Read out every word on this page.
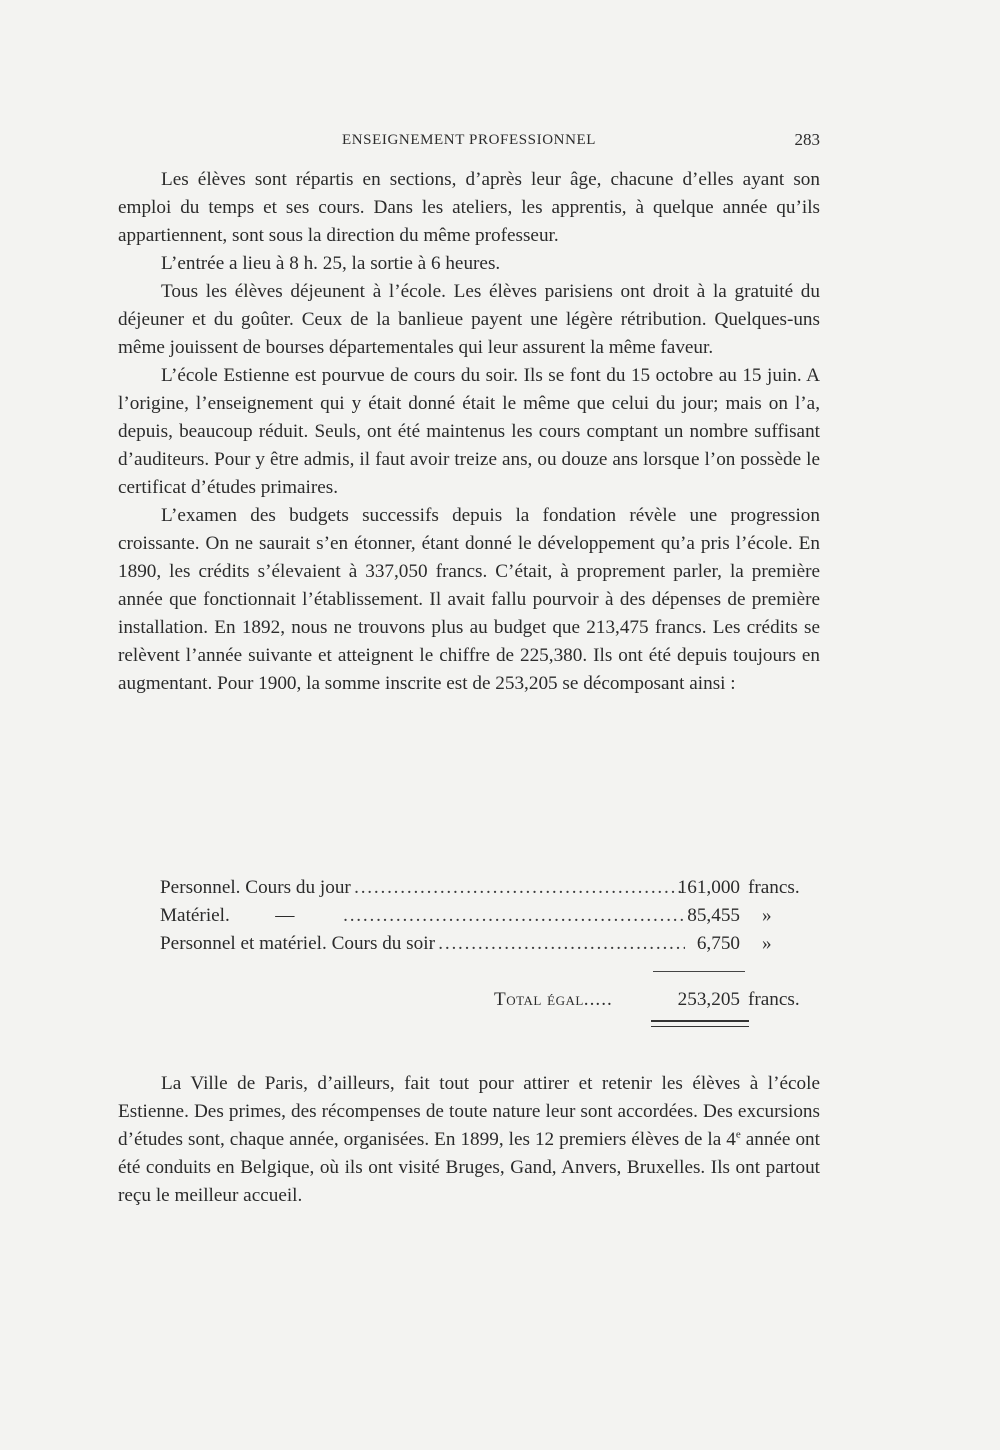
ENSEIGNEMENT PROFESSIONNEL	283

Les élèves sont répartis en sections, d’après leur âge, chacune d’elles ayant son emploi du temps et ses cours. Dans les ateliers, les apprentis, à quelque année qu’ils appartiennent, sont sous la direction du même professeur.

L’entrée a lieu à 8 h. 25, la sortie à 6 heures.

Tous les élèves déjeunent à l’école. Les élèves parisiens ont droit à la gratuité du déjeuner et du goûter. Ceux de la banlieue payent une légère rétribution. Quelques-uns même jouissent de bourses départementales qui leur assurent la même faveur.

L’école Estienne est pourvue de cours du soir. Ils se font du 15 octobre au 15 juin. A l’origine, l’enseignement qui y était donné était le même que celui du jour; mais on l’a, depuis, beaucoup réduit. Seuls, ont été maintenus les cours comptant un nombre suffisant d’auditeurs. Pour y être admis, il faut avoir treize ans, ou douze ans lorsque l’on possède le certificat d’études primaires.

L’examen des budgets successifs depuis la fondation révèle une progression croissante. On ne saurait s’en étonner, étant donné le développement qu’a pris l’école. En 1890, les crédits s’élevaient à 337,050 francs. C’était, à proprement parler, la première année que fonctionnait l’établissement. Il avait fallu pourvoir à des dépenses de première installation. En 1892, nous ne trouvons plus au budget que 213,475 francs. Les crédits se relèvent l’année suivante et atteignent le chiffre de 225,380. Ils ont été depuis toujours en augmentant. Pour 1900, la somme inscrite est de 253,205 se décomposant ainsi :

Personnel. Cours du jour . . .	161,000 francs.
Matériel. — . . .	85,455 »
Personnel et matériel. Cours du soir . . .	6,750 »
Total égal.....	253,205 francs.

La Ville de Paris, d’ailleurs, fait tout pour attirer et retenir les élèves à l’école Estienne. Des primes, des récompenses de toute nature leur sont accordées. Des excursions d’études sont, chaque année, organisées. En 1899, les 12 premiers élèves de la 4e année ont été conduits en Belgique, où ils ont visité Bruges, Gand, Anvers, Bruxelles. Ils ont partout reçu le meilleur accueil.
